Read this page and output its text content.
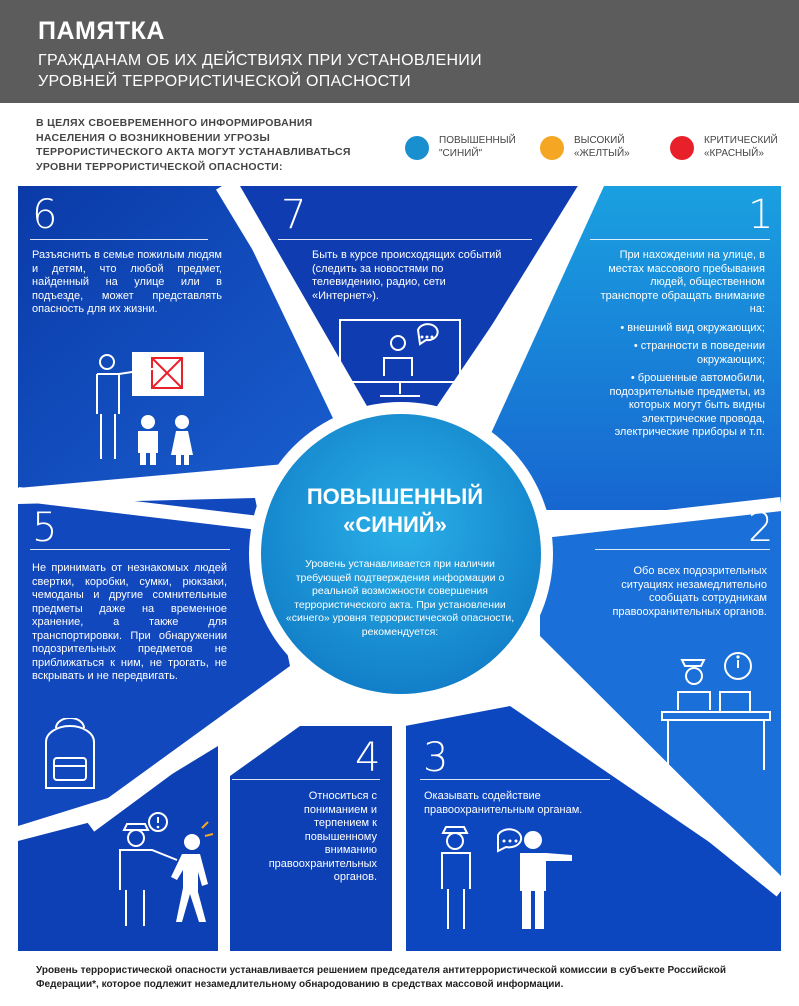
ПАМЯТКА
ГРАЖДАНАМ ОБ ИХ ДЕЙСТВИЯХ ПРИ УСТАНОВЛЕНИИ
УРОВНЕЙ ТЕРРОРИСТИЧЕСКОЙ ОПАСНОСТИ
В ЦЕЛЯХ СВОЕВРЕМЕННОГО ИНФОРМИРОВАНИЯ НАСЕЛЕНИЯ О ВОЗНИКНОВЕНИИ УГРОЗЫ ТЕРРОРИСТИЧЕСКОГО АКТА МОГУТ УСТАНАВЛИВАТЬСЯ УРОВНИ ТЕРРОРИСТИЧЕСКОЙ ОПАСНОСТИ:
ПОВЫШЕННЫЙ
"СИНИЙ"
ВЫСОКИЙ
«ЖЕЛТЫЙ»
КРИТИЧЕСКИЙ
«КРАСНЫЙ»
6	7	1
5	2
4 3
Разъяснить в семье пожилым людям и детям, что любой предмет, найденный на улице или в подъезде, может представлять опасность для их жизни.
Быть в курсе происходящих событий (следить за новостями по телевидению, радио, сети «Интернет»).
При нахождении на улице, в местах массового пребывания людей, общественном транспорте обращать внимание на:
• внешний вид окружающих;
• странности в поведении окружающих;
• брошенные автомобили, подозрительные предметы, из которых могут быть видны электрические провода, электрические приборы и т.п.
Не принимать от незнакомых людей свертки, коробки, сумки, рюкзаки, чемоданы и другие сомнительные предметы даже на временное хранение, а также для транспортировки. При обнаружении подозрительных предметов не приближаться к ним, не трогать, не вскрывать и не передвигать.
Обо всех подозрительных ситуациях незамедлительно сообщать сотрудникам правоохранительных органов.
Относиться с пониманием и терпением к повышенному вниманию правоохранительных органов.
Оказывать содействие правоохранительным органам.
ПОВЫШЕННЫЙ
«СИНИЙ»
Уровень устанавливается при наличии требующей подтверждения информации о реальной возможности совершения террористического акта. При установлении «синего» уровня террористической опасности, рекомендуется:
Уровень террористической опасности устанавливается решением председателя антитеррористической комиссии в субъекте Российской Федерации*, которое подлежит незамедлительному обнародованию в средствах массовой информации.
